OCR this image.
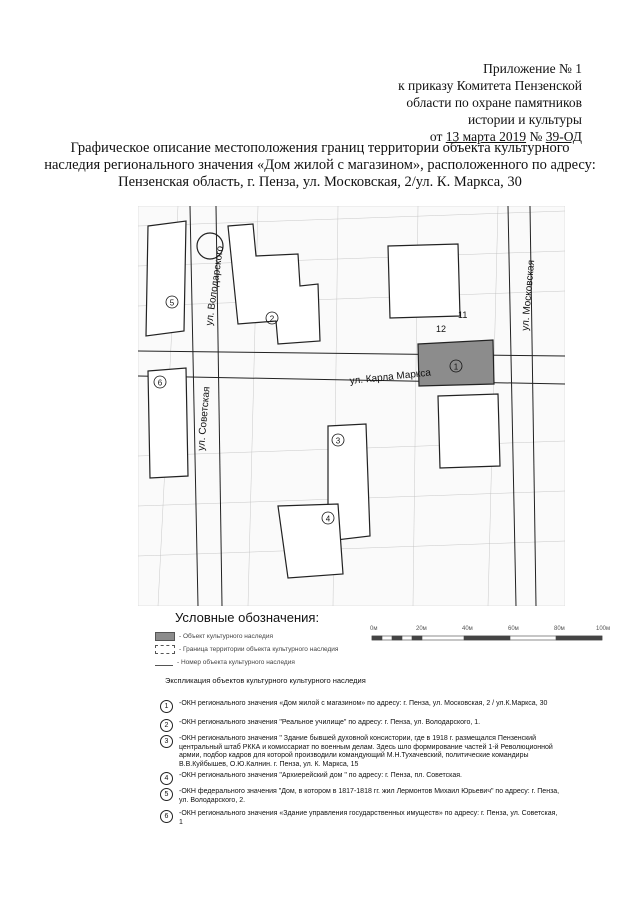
Приложение № 1
к приказу Комитета Пензенской
области по охране памятников
истории и культуры
от 13 марта 2019 № 39-ОД
Графическое описание местоположения границ территории объекта культурного
наследия регионального значения «Дом жилой с магазином», расположенного по адресу:
Пензенская область, г. Пенза, ул. Московская, 2/ул. К. Маркса, 30
ул. Володарского
ул. Советская
ул. Карла Маркса
ул. Московская
1
2
3
4
5
6
12
11
Условные обозначения:
- Объект культурного наследия
- Граница территории объекта культурного наследия
- Номер объекта культурного наследия
0м	20м	40м	60м	80м	100м
Экспликация объектов культурного культурного наследия
1	-ОКН регионального значения «Дом жилой с магазином» по адресу: г. Пенза, ул. Московская, 2 / ул.К.Маркса, 30
2	-ОКН регионального значения "Реальное училище" по адресу: г. Пенза, ул. Володарского, 1.
3	-ОКН регионального значения " Здание бывшей духовной консистории, где в 1918 г. размещался Пензенский центральный штаб РККА и комиссариат по военным делам. Здесь шло формирование частей 1-й Революционной армии, подбор кадров для которой производили командующий М.Н.Тухачевский, политические командиры В.В.Куйбышев, О.Ю.Калнин. г. Пенза, ул. К. Маркса, 15
4	-ОКН регионального значения "Архиерейский дом " по адресу: г. Пенза, пл. Советская.
5	-ОКН федерального значения "Дом, в котором в 1817-1818 гг. жил Лермонтов Михаил Юрьевич" по адресу: г. Пенза, ул. Володарского, 2.
6	-ОКН регионального значения «Здание управления государственных имуществ» по адресу: г. Пенза, ул. Советская, 1
